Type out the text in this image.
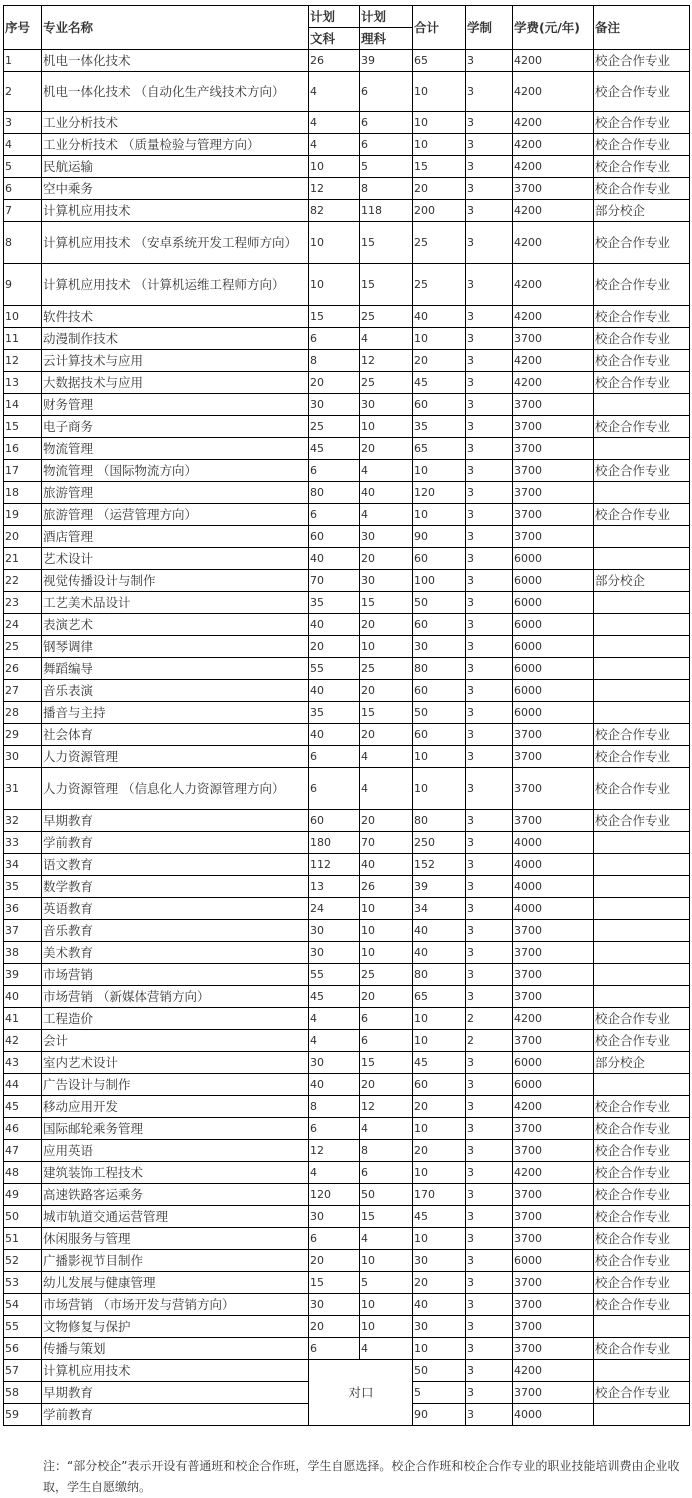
序号	专业名称	计划	计划	合计	学制	学费(元/年)	备注
		文科	理科				
1	机电一体化技术	26	39	65	3	4200	校企合作专业
2	机电一体化技术 （自动化生产线技术方向）	4	6	10	3	4200	校企合作专业
3	工业分析技术	4	6	10	3	4200	校企合作专业
4	工业分析技术 （质量检验与管理方向）	4	6	10	3	4200	校企合作专业
5	民航运输	10	5	15	3	4200	校企合作专业
6	空中乘务	12	8	20	3	3700	校企合作专业
7	计算机应用技术	82	118	200	3	4200	部分校企
8	计算机应用技术 （安卓系统开发工程师方向）	10	15	25	3	4200	校企合作专业
9	计算机应用技术 （计算机运维工程师方向）	10	15	25	3	4200	校企合作专业
10	软件技术	15	25	40	3	4200	校企合作专业
11	动漫制作技术	6	4	10	3	3700	校企合作专业
12	云计算技术与应用	8	12	20	3	4200	校企合作专业
13	大数据技术与应用	20	25	45	3	4200	校企合作专业
14	财务管理	30	30	60	3	3700	
15	电子商务	25	10	35	3	3700	校企合作专业
16	物流管理	45	20	65	3	3700	
17	物流管理 （国际物流方向）	6	4	10	3	3700	校企合作专业
18	旅游管理	80	40	120	3	3700	
19	旅游管理 （运营管理方向）	6	4	10	3	3700	校企合作专业
20	酒店管理	60	30	90	3	3700	
21	艺术设计	40	20	60	3	6000	
22	视觉传播设计与制作	70	30	100	3	6000	部分校企
23	工艺美术品设计	35	15	50	3	6000	
24	表演艺术	40	20	60	3	6000	
25	钢琴调律	20	10	30	3	6000	
26	舞蹈编导	55	25	80	3	6000	
27	音乐表演	40	20	60	3	6000	
28	播音与主持	35	15	50	3	6000	
29	社会体育	40	20	60	3	3700	校企合作专业
30	人力资源管理	6	4	10	3	3700	校企合作专业
31	人力资源管理 （信息化人力资源管理方向）	6	4	10	3	3700	校企合作专业
32	早期教育	60	20	80	3	3700	校企合作专业
33	学前教育	180	70	250	3	4000	
34	语文教育	112	40	152	3	4000	
35	数学教育	13	26	39	3	4000	
36	英语教育	24	10	34	3	4000	
37	音乐教育	30	10	40	3	3700	
38	美术教育	30	10	40	3	3700	
39	市场营销	55	25	80	3	3700	
40	市场营销 （新媒体营销方向）	45	20	65	3	3700	
41	工程造价	4	6	10	2	4200	校企合作专业
42	会计	4	6	10	2	3700	校企合作专业
43	室内艺术设计	30	15	45	3	6000	部分校企
44	广告设计与制作	40	20	60	3	6000	
45	移动应用开发	8	12	20	3	4200	校企合作专业
46	国际邮轮乘务管理	6	4	10	3	3700	校企合作专业
47	应用英语	12	8	20	3	3700	校企合作专业
48	建筑装饰工程技术	4	6	10	3	4200	校企合作专业
49	高速铁路客运乘务	120	50	170	3	3700	校企合作专业
50	城市轨道交通运营管理	30	15	45	3	3700	校企合作专业
51	休闲服务与管理	6	4	10	3	3700	校企合作专业
52	广播影视节目制作	20	10	30	3	6000	校企合作专业
53	幼儿发展与健康管理	15	5	20	3	3700	校企合作专业
54	市场营销 （市场开发与营销方向）	30	10	40	3	3700	校企合作专业
55	文物修复与保护	20	10	30	3	3700	
56	传播与策划	6	4	10	3	3700	校企合作专业
57	计算机应用技术	对口		50	3	4200	
58	早期教育			5	3	3700	校企合作专业
59	学前教育			90	3	4000	
注：“部分校企”表示开设有普通班和校企合作班，学生自愿选择。校企合作班和校企合作专业的职业技能培训费由企业收取，学生自愿缴纳。
